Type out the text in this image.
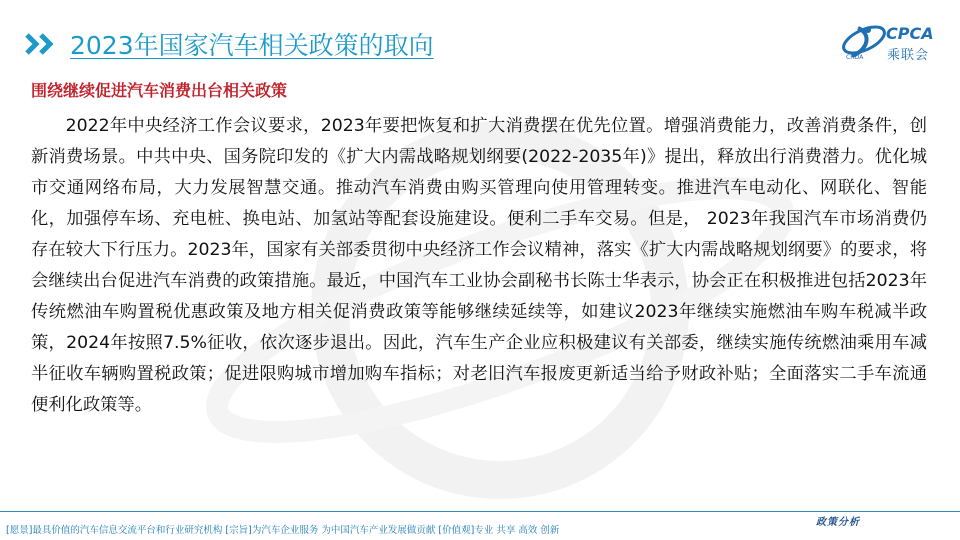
2023年国家汽车相关政策的取向	CPCA
乘联会
CHDA
围绕继续促进汽车消费出台相关政策

2022年中央经济工作会议要求，2023年要把恢复和扩大消费摆在优先位置。增强消费能力，改善消费条件，创新消费场景。中共中央、国务院印发的《扩大内需战略规划纲要(2022-2035年)》提出，释放出行消费潜力。优化城市交通网络布局，大力发展智慧交通。推动汽车消费由购买管理向使用管理转变。推进汽车电动化、网联化、智能化，加强停车场、充电桩、换电站、加氢站等配套设施建设。便利二手车交易。但是， 2023年我国汽车市场消费仍存在较大下行压力。2023年，国家有关部委贯彻中央经济工作会议精神，落实《扩大内需战略规划纲要》的要求，将会继续出台促进汽车消费的政策措施。最近，中国汽车工业协会副秘书长陈士华表示，协会正在积极推进包括2023年传统燃油车购置税优惠政策及地方相关促消费政策等能够继续延续等，如建议2023年继续实施燃油车购车税减半政策，2024年按照7.5%征收，依次逐步退出。因此，汽车生产企业应积极建议有关部委，继续实施传统燃油乘用车减半征收车辆购置税政策；促进限购城市增加购车指标；对老旧汽车报废更新适当给予财政补贴；全面落实二手车流通便利化政策等。

[愿景]最具价值的汽车信息交流平台和行业研究机构 [宗旨]为汽车企业服务 为中国汽车产业发展做贡献 [价值观]专业 共享 高效 创新
政策分析
